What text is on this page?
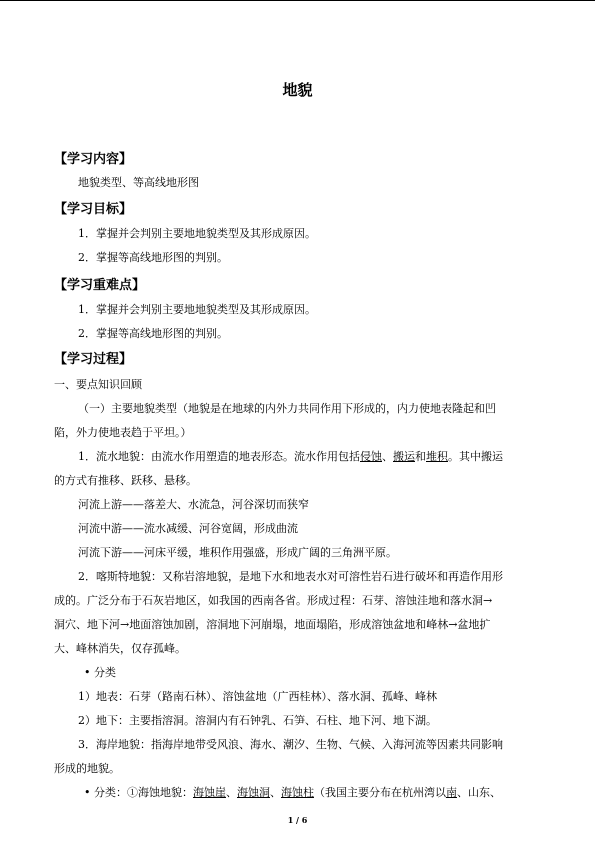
地貌
【学习内容】

地貌类型、等高线地形图

【学习目标】

1．掌握并会判别主要地地貌类型及其形成原因。

2．掌握等高线地形图的判别。

【学习重难点】

1．掌握并会判别主要地地貌类型及其形成原因。

2．掌握等高线地形图的判别。

【学习过程】

一、要点知识回顾

（一）主要地貌类型（地貌是在地球的内外力共同作用下形成的，内力使地表隆起和凹

陷，外力使地表趋于平坦。）

1．流水地貌：由流水作用塑造的地表形态。流水作用包括侵蚀、搬运和堆积。其中搬运

的方式有推移、跃移、悬移。

河流上游——落差大、水流急，河谷深切而狭窄

河流中游——流水减缓、河谷宽阔，形成曲流

河流下游——河床平缓，堆积作用强盛，形成广阔的三角洲平原。

2．喀斯特地貌：又称岩溶地貌，是地下水和地表水对可溶性岩石进行破坏和再造作用形

成的。广泛分布于石灰岩地区，如我国的西南各省。形成过程：石芽、溶蚀洼地和落水洞→

洞穴、地下河→地面溶蚀加剧，溶洞地下河崩塌，地面塌陷，形成溶蚀盆地和峰林→盆地扩

大、峰林消失，仅存孤峰。

• 分类

1）地表：石芽（路南石林）、溶蚀盆地（广西桂林）、落水洞、孤峰、峰林

2）地下：主要指溶洞。溶洞内有石钟乳、石笋、石柱、地下河、地下湖。

3．海岸地貌：指海岸地带受风浪、海水、潮汐、生物、气候、入海河流等因素共同影响

形成的地貌。

• 分类：①海蚀地貌：海蚀崖、海蚀洞、海蚀柱（我国主要分布在杭州湾以南、山东、

1 / 6
